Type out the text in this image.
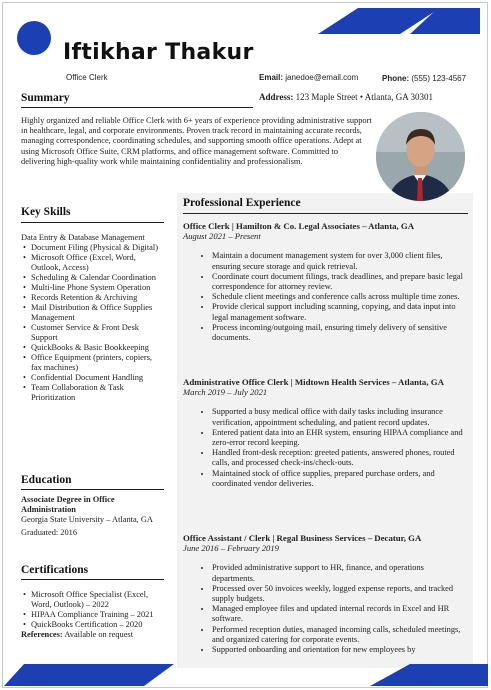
Iftikhar Thakur
Office Clerk	Email: janedoe@email.com	Phone: (555) 123-4567
Address: 123 Maple Street • Atlanta, GA 30301
Summary
Highly organized and reliable Office Clerk with 6+ years of experience providing administrative support in healthcare, legal, and corporate environments. Proven track record in maintaining accurate records, managing correspondence, coordinating schedules, and supporting smooth office operations. Adept at using Microsoft Office Suite, CRM platforms, and office management software. Committed to delivering high-quality work while maintaining confidentiality and professionalism.
Key Skills
Data Entry & Database Management
• Document Filing (Physical & Digital)
• Microsoft Office (Excel, Word, Outlook, Access)
• Scheduling & Calendar Coordination
• Multi-line Phone System Operation
• Records Retention & Archiving
• Mail Distribution & Office Supplies Management
• Customer Service & Front Desk Support
• QuickBooks & Basic Bookkeeping
• Office Equipment (printers, copiers, fax machines)
• Confidential Document Handling
• Team Collaboration & Task Prioritization
Education
Associate Degree in Office Administration
Georgia State University – Atlanta, GA
Graduated: 2016
Certifications
• Microsoft Office Specialist (Excel, Word, Outlook) – 2022
• HIPAA Compliance Training – 2021
• QuickBooks Certification – 2020
References: Available on request
Professional Experience
Office Clerk | Hamilton & Co. Legal Associates – Atlanta, GA
August 2021 – Present
• Maintain a document management system for over 3,000 client files, ensuring secure storage and quick retrieval.
• Coordinate court document filings, track deadlines, and prepare basic legal correspondence for attorney review.
• Schedule client meetings and conference calls across multiple time zones.
• Provide clerical support including scanning, copying, and data input into legal management software.
• Process incoming/outgoing mail, ensuring timely delivery of sensitive documents.
Administrative Office Clerk | Midtown Health Services – Atlanta, GA
March 2019 – July 2021
• Supported a busy medical office with daily tasks including insurance verification, appointment scheduling, and patient record updates.
• Entered patient data into an EHR system, ensuring HIPAA compliance and zero-error record keeping.
• Handled front-desk reception: greeted patients, answered phones, routed calls, and processed check-ins/check-outs.
• Maintained stock of office supplies, prepared purchase orders, and coordinated vendor deliveries.
Office Assistant / Clerk | Regal Business Services – Decatur, GA
June 2016 – February 2019
• Provided administrative support to HR, finance, and operations departments.
• Processed over 50 invoices weekly, logged expense reports, and tracked supply budgets.
• Managed employee files and updated internal records in Excel and HR software.
• Performed reception duties, managed incoming calls, scheduled meetings, and organized catering for corporate events.
• Supported onboarding and orientation for new employees by
